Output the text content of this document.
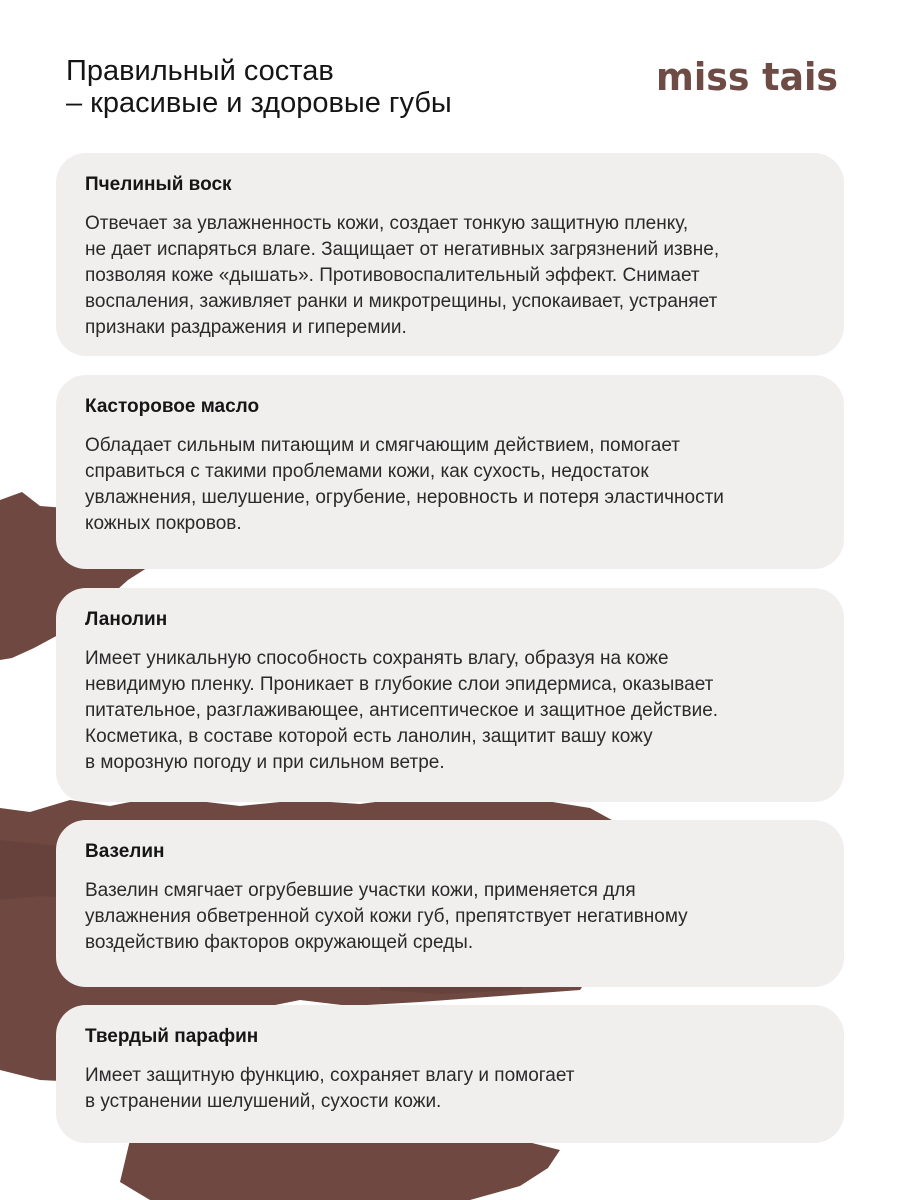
Правильный состав
– красивые и здоровые губы
miss tais
Пчелиный воск

Отвечает за увлажненность кожи, создает тонкую защитную пленку,
не дает испаряться влаге. Защищает от негативных загрязнений извне,
позволяя коже «дышать». Противовоспалительный эффект. Снимает
воспаления, заживляет ранки и микротрещины, успокаивает, устраняет
признаки раздражения и гиперемии.

Касторовое масло

Обладает сильным питающим и смягчающим действием, помогает
справиться с такими проблемами кожи, как сухость, недостаток
увлажнения, шелушение, огрубение, неровность и потеря эластичности
кожных покровов.

Ланолин

Имеет уникальную способность сохранять влагу, образуя на коже
невидимую пленку. Проникает в глубокие слои эпидермиса, оказывает
питательное, разглаживающее, антисептическое и защитное действие.
Косметика, в составе которой есть ланолин, защитит вашу кожу
в морозную погоду и при сильном ветре.

Вазелин

Вазелин смягчает огрубевшие участки кожи, применяется для
увлажнения обветренной сухой кожи губ, препятствует негативному
воздействию факторов окружающей среды.

Твердый парафин

Имеет защитную функцию, сохраняет влагу и помогает
в устранении шелушений, сухости кожи.
